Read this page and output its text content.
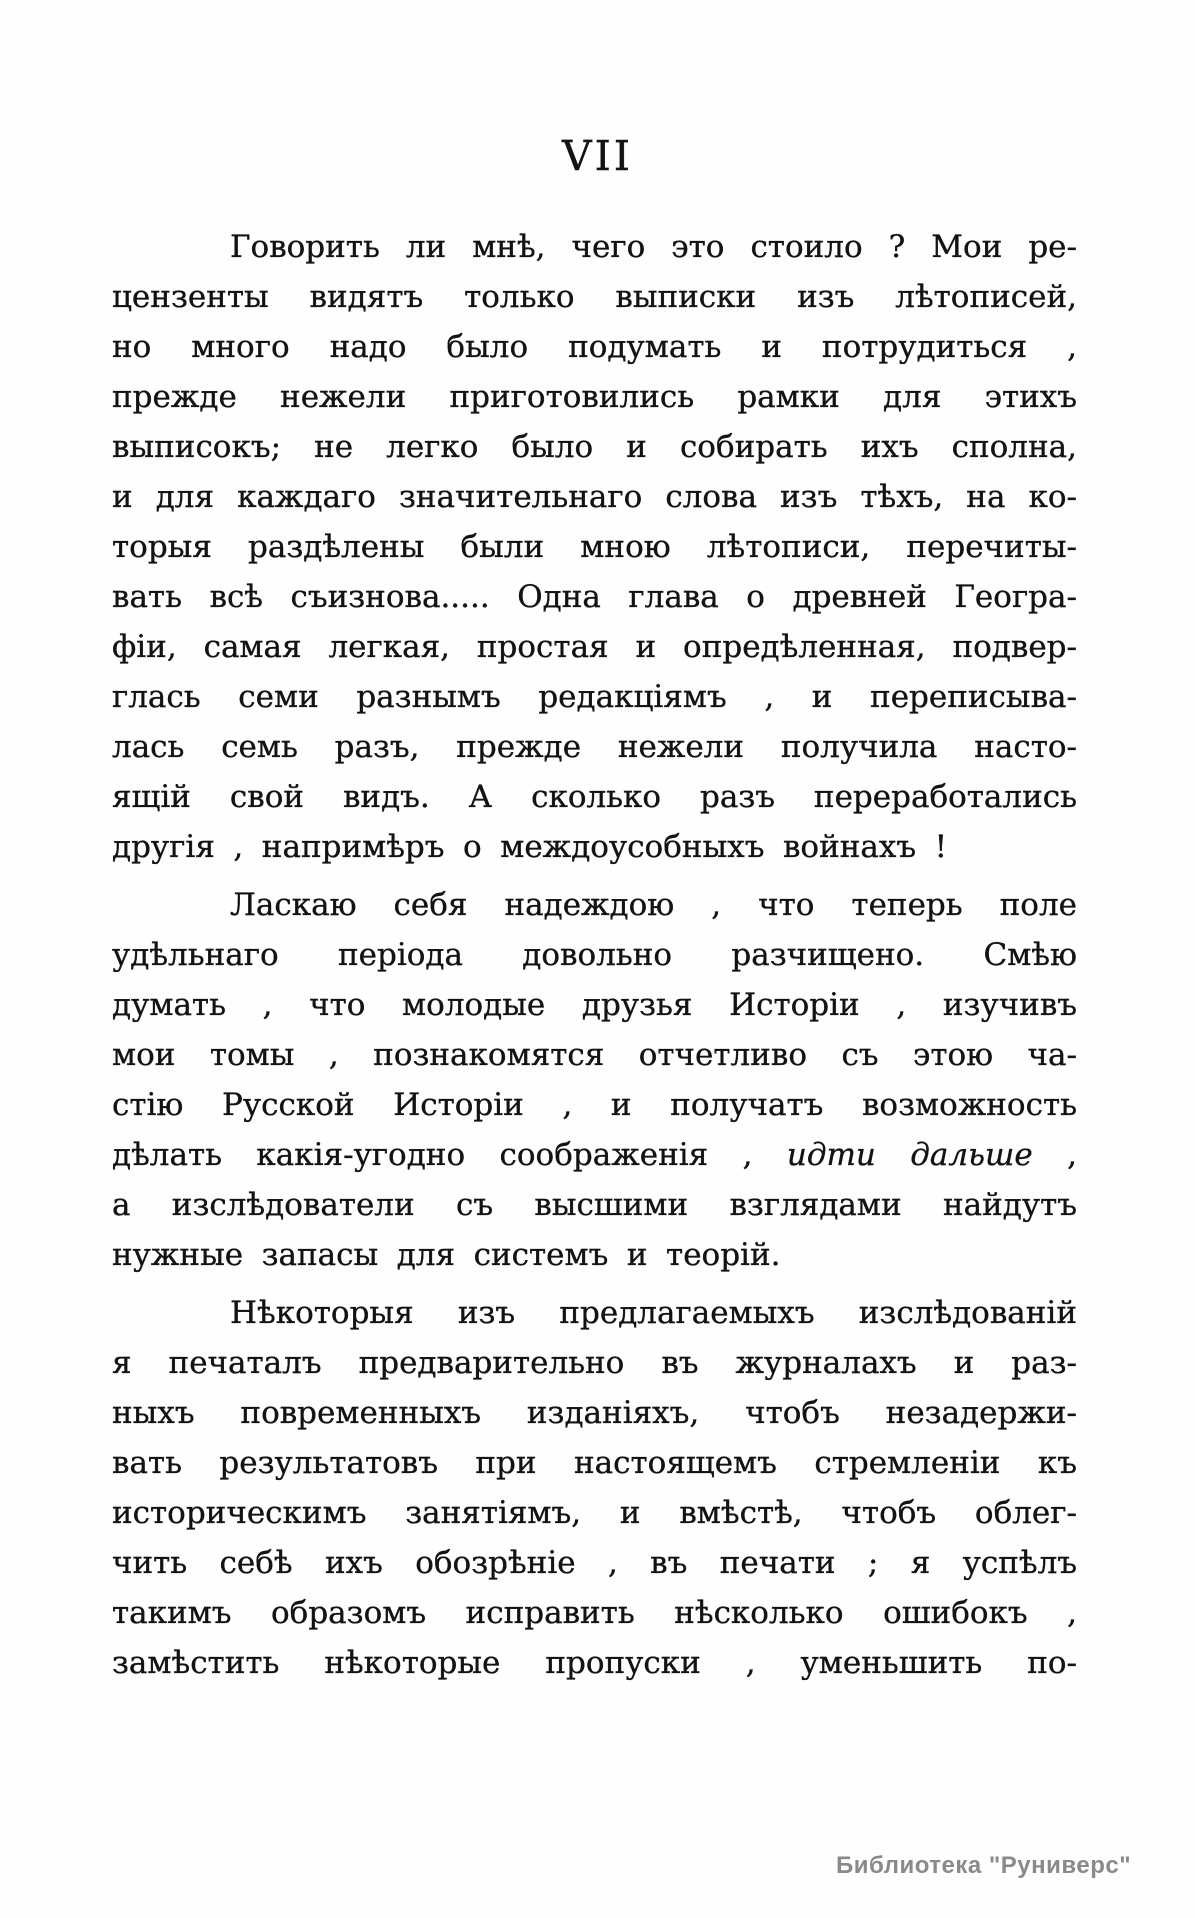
VII
Говорить ли мнѣ, чего это стоило ? Мои ре-
цензенты видятъ только выписки изъ лѣтописей,
но много надо было подумать и потрудиться ,
прежде нежели приготовились рамки для этихъ
выписокъ; не легко было и собирать ихъ сполна,
и для каждаго значительнаго слова изъ тѣхъ, на ко-
торыя раздѣлены были мною лѣтописи, перечиты-
вать всѣ съизнова..... Одна глава о древней Геогра-
фіи, самая легкая, простая и опредѣленная, подвер-
глась семи разнымъ редакціямъ , и переписыва-
лась семь разъ, прежде нежели получила насто-
ящій свой видъ. А сколько разъ переработались
другія , напримѣръ о междоусобныхъ войнахъ !
Ласкаю себя надеждою , что теперь поле
удѣльнаго періода довольно разчищено. Смѣю
думать , что молодые друзья Исторіи , изучивъ
мои томы , познакомятся отчетливо съ этою ча-
стію Русской Исторіи , и получатъ возможность
дѣлать какія-угодно соображенія , идти дальше ,
а изслѣдователи съ высшими взглядами найдутъ
нужные запасы для системъ и теорій.
Нѣкоторыя изъ предлагаемыхъ изслѣдованій
я печаталъ предварительно въ журналахъ и раз-
ныхъ повременныхъ изданіяхъ, чтобъ незадержи-
вать результатовъ при настоящемъ стремленіи къ
историческимъ занятіямъ, и вмѣстѣ, чтобъ облег-
чить себѣ ихъ обозрѣніе , въ печати ; я успѣлъ
такимъ образомъ исправить нѣсколько ошибокъ ,
замѣстить нѣкоторые пропуски , уменьшить по-
Библиотека "Руниверс"
